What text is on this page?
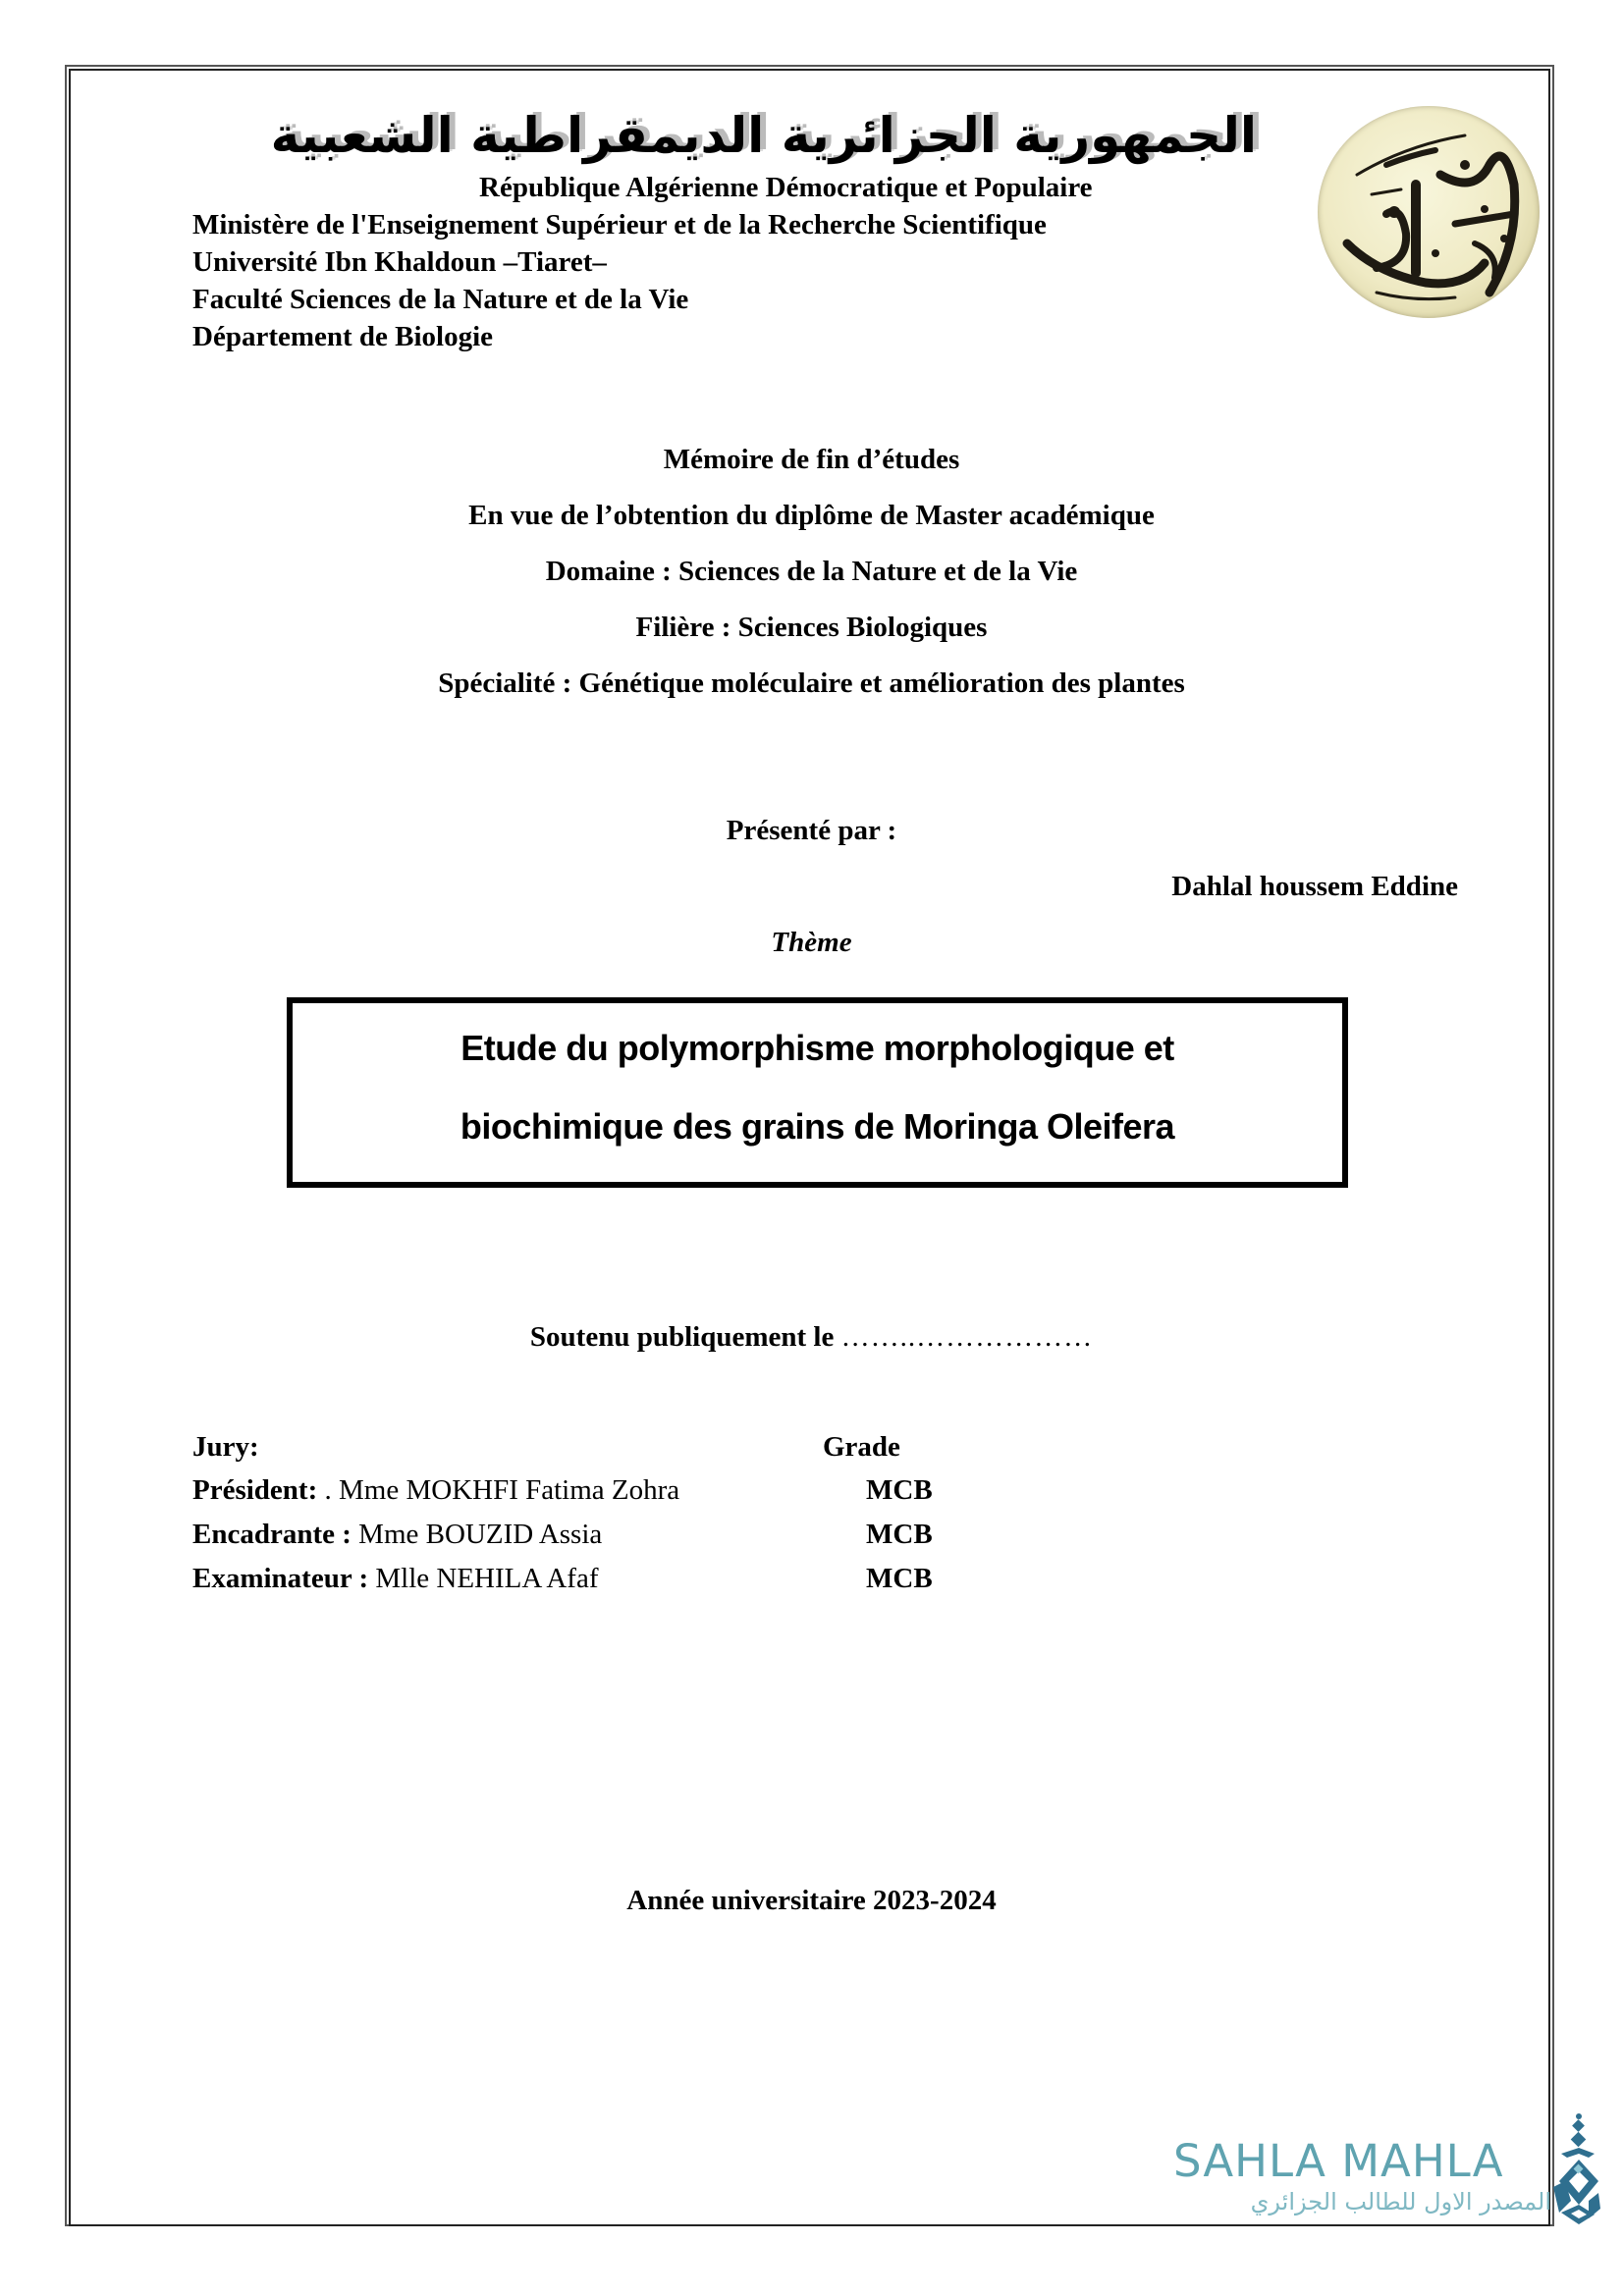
الجمهورية الجزائرية الديمقراطية الشعبية
République Algérienne Démocratique et Populaire
Ministère de l'Enseignement Supérieur et de la Recherche Scientifique
Université Ibn Khaldoun –Tiaret–
Faculté Sciences de la Nature et de la Vie
Département de Biologie
Mémoire de fin d’études
En vue de l’obtention du diplôme de Master académique
Domaine : Sciences de la Nature et de la Vie
Filière : Sciences Biologiques
Spécialité : Génétique moléculaire et amélioration des plantes
Présenté par :
Dahlal houssem Eddine
Thème
Etude du polymorphisme morphologique et
biochimique des grains de Moringa Oleifera
Soutenu publiquement le ……..………………
Jury:	Grade
Président: . Mme MOKHFI Fatima Zohra	MCB
Encadrante : Mme BOUZID Assia	MCB
Examinateur : Mlle NEHILA Afaf	MCB
Année universitaire 2023-2024
SAHLA MAHLA
المصدر الاول للطالب الجزائري
